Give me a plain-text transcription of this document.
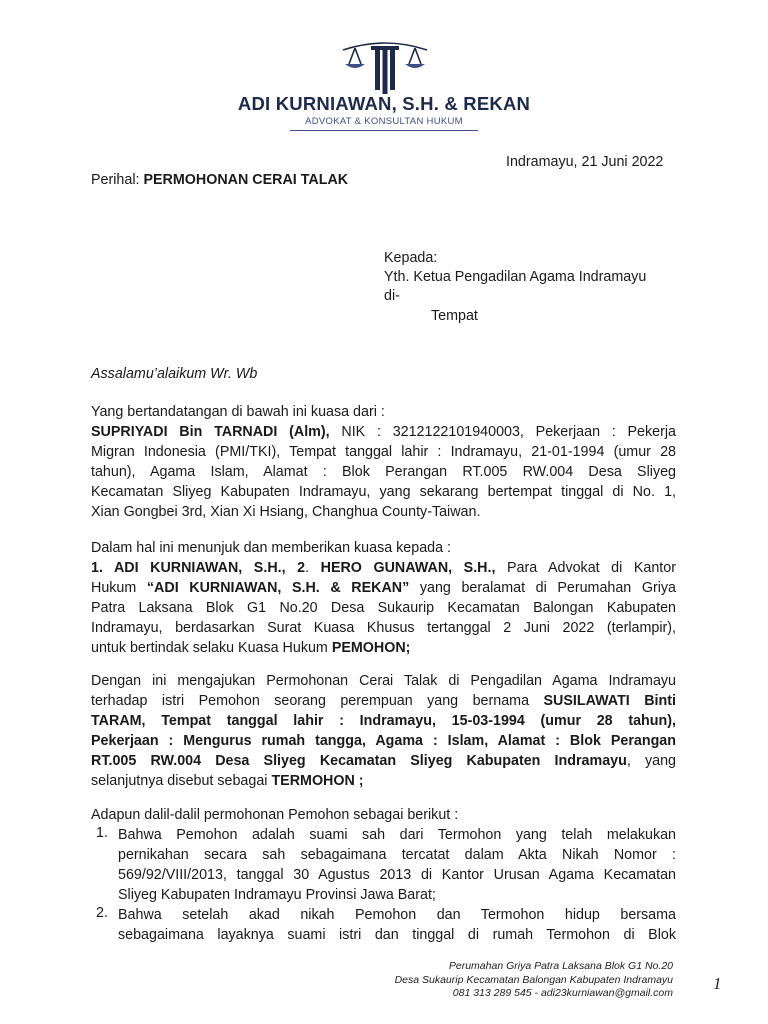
ADI KURNIAWAN, S.H. & REKAN
ADVOKAT & KONSULTAN HUKUM
Indramayu, 21 Juni 2022
Perihal: PERMOHONAN CERAI TALAK
Kepada:
Yth. Ketua Pengadilan Agama Indramayu
di-
Tempat
Assalamu’alaikum Wr. Wb
Yang bertandatangan di bawah ini kuasa dari :
SUPRIYADI Bin TARNADI (Alm), NIK : 3212122101940003, Pekerjaan : Pekerja
Migran Indonesia (PMI/TKI), Tempat tanggal lahir : Indramayu, 21-01-1994 (umur 28
tahun), Agama Islam, Alamat : Blok Perangan RT.005 RW.004 Desa Sliyeg
Kecamatan Sliyeg Kabupaten Indramayu, yang sekarang bertempat tinggal di No. 1,
Xian Gongbei 3rd, Xian Xi Hsiang, Changhua County-Taiwan.
Dalam hal ini menunjuk dan memberikan kuasa kepada :
1. ADI KURNIAWAN, S.H., 2. HERO GUNAWAN, S.H., Para Advokat di Kantor
Hukum “ADI KURNIAWAN, S.H. & REKAN” yang beralamat di Perumahan Griya
Patra Laksana Blok G1 No.20 Desa Sukaurip Kecamatan Balongan Kabupaten
Indramayu, berdasarkan Surat Kuasa Khusus tertanggal 2 Juni 2022 (terlampir),
untuk bertindak selaku Kuasa Hukum PEMOHON;
Dengan ini mengajukan Permohonan Cerai Talak di Pengadilan Agama Indramayu
terhadap istri Pemohon seorang perempuan yang bernama SUSILAWATI Binti
TARAM, Tempat tanggal lahir : Indramayu, 15-03-1994 (umur 28 tahun),
Pekerjaan : Mengurus rumah tangga, Agama : Islam, Alamat : Blok Perangan
RT.005 RW.004 Desa Sliyeg Kecamatan Sliyeg Kabupaten Indramayu, yang
selanjutnya disebut sebagai TERMOHON ;
Adapun dalil-dalil permohonan Pemohon sebagai berikut :
1. Bahwa Pemohon adalah suami sah dari Termohon yang telah melakukan
pernikahan secara sah sebagaimana tercatat dalam Akta Nikah Nomor :
569/92/VIII/2013, tanggal 30 Agustus 2013 di Kantor Urusan Agama Kecamatan
Sliyeg Kabupaten Indramayu Provinsi Jawa Barat;
2. Bahwa setelah akad nikah Pemohon dan Termohon hidup bersama
sebagaimana layaknya suami istri dan tinggal di rumah Termohon di Blok
Perumahan Griya Patra Laksana Blok G1 No.20
Desa Sukaurip Kecamatan Balongan Kabupaten Indramayu
081 313 289 545 - adi23kurniawan@gmail.com 1
